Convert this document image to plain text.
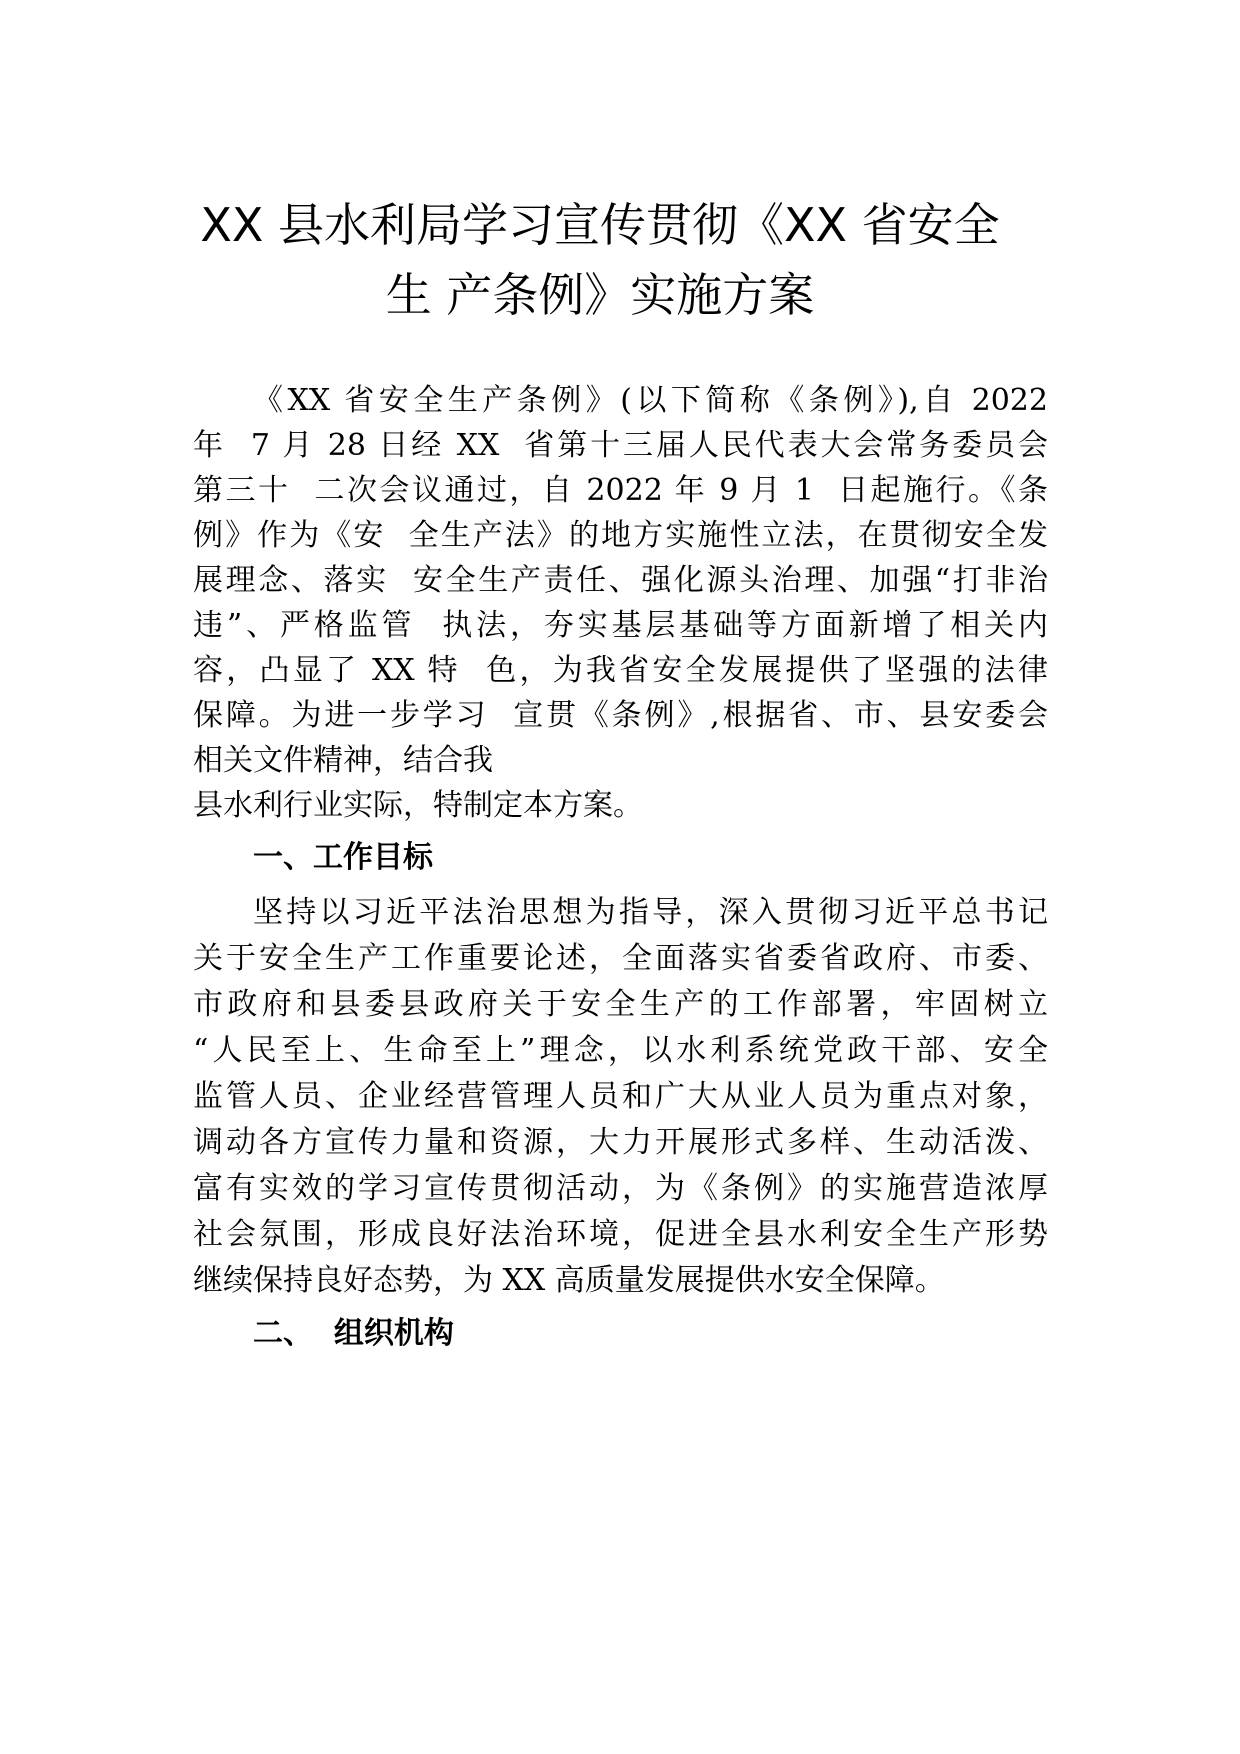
XX 县水利局学习宣传贯彻《XX 省安全
生 产条例》实施方案
《XX 省安全生产条例》(以下简称《条例》),自 2022
年  7 月 28 日经 XX  省第十三届人民代表大会常务委员会
第三十  二次会议通过，自 2022 年 9 月 1  日起施行。《条
例》作为《安  全生产法》的地方实施性立法，在贯彻安全发
展理念、落实  安全生产责任、强化源头治理、加强“打非治
违”、严格监管  执法，夯实基层基础等方面新增了相关内
容，凸显了 XX 特  色，为我省安全发展提供了坚强的法律
保障。为进一步学习  宣贯《条例》,根据省、市、县安委会
相关文件精神，结合我
县水利行业实际，特制定本方案。
一、工作目标
坚持以习近平法治思想为指导，深入贯彻习近平总书记
关于安全生产工作重要论述，全面落实省委省政府、市委、
市政府和县委县政府关于安全生产的工作部署，牢固树立
“人民至上、生命至上”理念，以水利系统党政干部、安全
监管人员、企业经营管理人员和广大从业人员为重点对象，
调动各方宣传力量和资源，大力开展形式多样、生动活泼、
富有实效的学习宣传贯彻活动，为《条例》的实施营造浓厚
社会氛围，形成良好法治环境，促进全县水利安全生产形势
继续保持良好态势，为 XX 高质量发展提供水安全保障。
二、  组织机构
